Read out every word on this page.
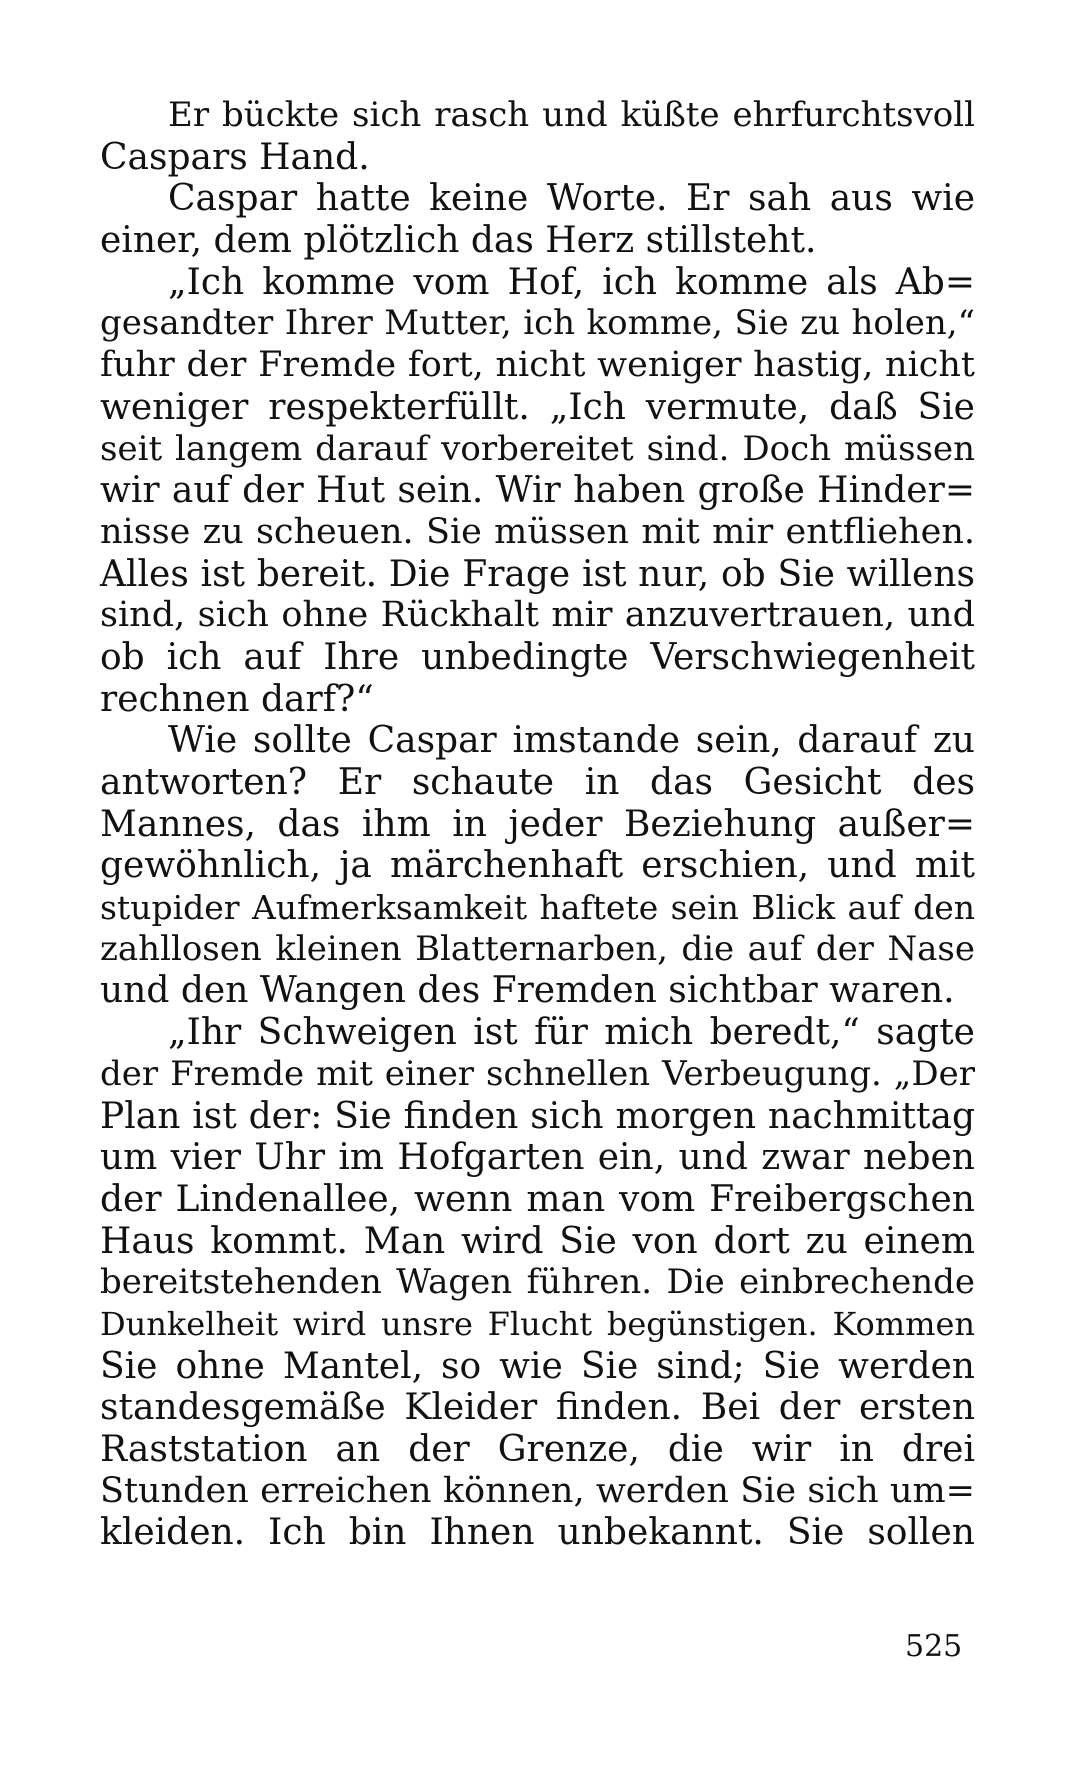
Er bückte sich rasch und küßte ehrfurchtsvoll
Caspars Hand.
Caspar hatte keine Worte. Er sah aus wie
einer, dem plötzlich das Herz stillsteht.
„Ich komme vom Hof, ich komme als Ab=
gesandter Ihrer Mutter, ich komme, Sie zu holen,“
fuhr der Fremde fort, nicht weniger hastig, nicht
weniger respekterfüllt. „Ich vermute, daß Sie
seit langem darauf vorbereitet sind. Doch müssen
wir auf der Hut sein. Wir haben große Hinder=
nisse zu scheuen. Sie müssen mit mir entfliehen.
Alles ist bereit. Die Frage ist nur, ob Sie willens
sind, sich ohne Rückhalt mir anzuvertrauen, und
ob ich auf Ihre unbedingte Verschwiegenheit
rechnen darf?“
Wie sollte Caspar imstande sein, darauf zu
antworten? Er schaute in das Gesicht des
Mannes, das ihm in jeder Beziehung außer=
gewöhnlich, ja märchenhaft erschien, und mit
stupider Aufmerksamkeit haftete sein Blick auf den
zahllosen kleinen Blatternarben, die auf der Nase
und den Wangen des Fremden sichtbar waren.
„Ihr Schweigen ist für mich beredt,“ sagte
der Fremde mit einer schnellen Verbeugung. „Der
Plan ist der: Sie finden sich morgen nachmittag
um vier Uhr im Hofgarten ein, und zwar neben
der Lindenallee, wenn man vom Freibergschen
Haus kommt. Man wird Sie von dort zu einem
bereitstehenden Wagen führen. Die einbrechende
Dunkelheit wird unsre Flucht begünstigen. Kommen
Sie ohne Mantel, so wie Sie sind; Sie werden
standesgemäße Kleider finden. Bei der ersten
Raststation an der Grenze, die wir in drei
Stunden erreichen können, werden Sie sich um=
kleiden. Ich bin Ihnen unbekannt. Sie sollen
525
